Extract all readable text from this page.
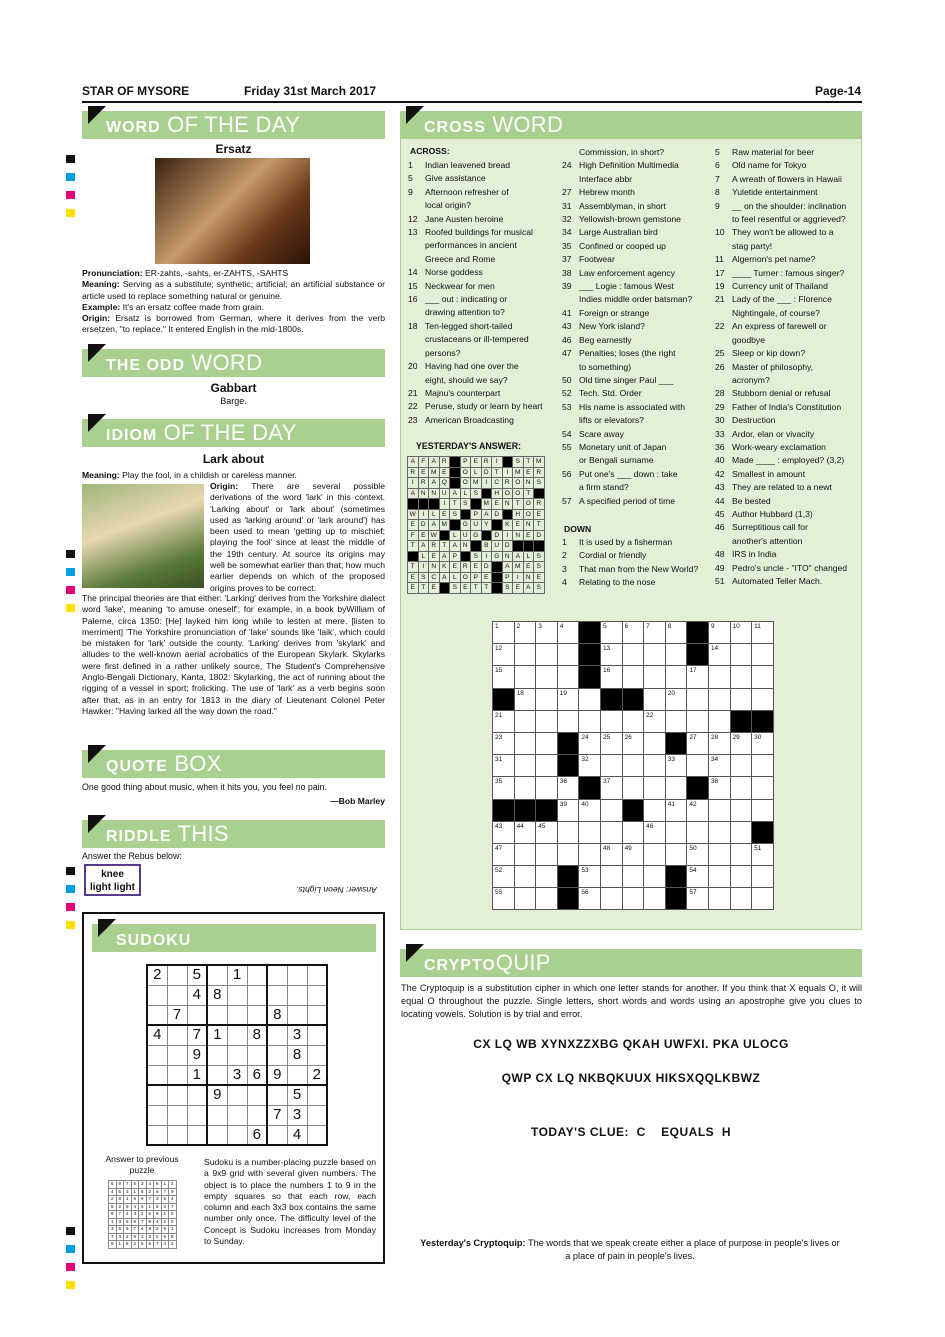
STAR OF MYSORE	Friday 31st March 2017	Page-14

WORD OF THE DAY
Ersatz
Pronunciation: ER-zahts, -sahts, er-ZAHTS, -SAHTS
Meaning: Serving as a substitute; synthetic; artificial; an artificial substance or article used to replace something natural or genuine.
Example: It's an ersatz coffee made from grain.
Origin: Ersatz is borrowed from German, where it derives from the verb ersetzen, "to replace." It entered English in the mid-1800s.
THE ODD WORD
Gabbart
Barge.
IDIOM OF THE DAY
Lark about
Meaning: Play the fool, in a childish or careless manner.
Origin: There are several possible derivations of the word 'lark' in this context. 'Larking about' or 'lark about' (sometimes used as 'larking around' or 'lark around') has been used to mean 'getting up to mischief; playing the fool' since at least the middle of the 19th century. At source its origins may well be somewhat earlier than that; how much earlier depends on which of the proposed origins proves to be correct.
The principal theories are that either: 'Larking' derives from the Yorkshire dialect word 'lake', meaning 'to amuse oneself'; for example, in a book byWilliam of Palerne, circa 1350: [He] layked him long while to lesten at mere. [listen to merriment] 'The Yorkshire pronunciation of 'lake' sounds like 'laik', which could be mistaken for 'lark' outside the county. 'Larking' derives from 'skylark' and alludes to the well-known aerial acrobatics of the European Skylark. Skylarks were first defined in a rather unlikely source, The Student's Comprehensive Anglo-Bengali Dictionary, Kanta, 1802: Skylarking, the act of running about the rigging of a vessel in sport; frolicking. The use of 'lark' as a verb begins soon after that, as in an entry for 1813 in the diary of Lieutenant Colonel Peter Hawker: "Having larked all the way down the road."
QUOTE BOX
One good thing about music, when it hits you, you feel no pain.
—Bob Marley
RIDDLE THIS
Answer the Rebus below:
knee
light light	Answer: Neon Lights.
SUDOKU
2		5		1				
		4	8					
	7					8		
4		7	1		8		3	
		9					8	
		1		3	6	9		2
			9				5	
						7	3	
					6		4	
Answer to previous puzzle
6	9	7	5	3	4	8	1	2
4	5	3	1	8	2	6	7	9
2	8	1	6	9	7	3	5	4
5	2	9	4	5	1	8	3	7
8	7	4	3	2	6	9	1	6
1	3	6	8	7	9	4	2	5
3	6	5	7	4	8	2	9	1
7	4	2	9	1	3	5	6	8
9	1	8	2	5	6	7	4	3
Sudoku is a number-placing puzzle based on a 9x9 grid with several given numbers. The object is to place the numbers 1 to 9 in the empty squares so that each row, each column and each 3x3 box contains the same number only once. The difficulty level of the Concept is Sudoku increases from Monday to Sunday.
CROSS WORD
ACROSS:
1	Indian leavened bread
5	Give assistance
9	Afternoon refresher of
	local origin?
12	Jane Austen heroine
13	Roofed buildings for musical
	performances in ancient
	Greece and Rome
14	Norse goddess
15	Neckwear for men
16	___ out : indicating or
	drawing attention to?
18	Ten-legged short-tailed
	crustaceans or ill-tempered
	persons?
20	Having had one over the
	eight, should we say?
21	Majnu's counterpart
22	Peruse, study or learn by heart
23	American Broadcasting
	Commission, in short?
24	High Definition Multimedia
	Interface abbr
27	Hebrew month
31	Assemblyman, in short
32	Yellowish-brown gemstone
34	Large Australian bird
35	Confined or cooped up
37	Footwear
38	Law enforcement agency
39	___ Logie : famous West
	Indies middle order batsman?
41	Foreign or strange
43	New York island?
46	Beg earnestly
47	Penalties; loses (the right
	to something)
50	Old time singer Paul ___
52	Tech. Std. Order
53	His name is associated with
	lifts or elevators?
54	Scare away
55	Monetary unit of Japan
	or Bengali surname
56	Put one's ___ down : take
	a firm stand?
57	A specified period of time
DOWN
1	It is used by a fisherman
2	Cordial or friendly
3	That man from the New World?
4	Relating to the nose
5	Raw material for beer
6	Old name for Tokyo
7	A wreath of flowers in Hawaii
8	Yuletide entertainment
9	__ on the shoulder: inclination
	to feel resentful or aggrieved?
10	They won't be allowed to a
	stag party!
11	Algernon's pet name?
17	____ Turner : famous singer?
19	Currency unit of Thailand
21	Lady of the ___ : Florence
	Nightingale, of course?
22	An express of farewell or
	goodbye
25	Sleep or kip down?
26	Master of philosophy,
	acronym?
28	Stubborn denial or refusal
29	Father of India's Constitution
30	Destruction
33	Ardor, elan or vivacity
36	Work-weary exclamation
40	Made ____ : employed? (3,2)
42	Smallest in amount
43	They are related to a newt
44	Be bested
45	Author Hubbard (1,3)
46	Surreptitious call for
	another's attention
48	IRS in India
49	Pedro's uncle - "ITO" changed
51	Automated Teller Mach.
YESTERDAY'S ANSWER:
A	F	A	R		P	E	R	I		S	T	M
R	E	M	E		O	L	D	T	I	M	E	R
I	R	A	Q		O	M	I	C	R	O	N	S
A	N	N	U	A	L	S		H	O	O	T	
			I	T	S		M	E	N	T	O	R
W	I	L	E	S		P	A	D		H	O	E
E	D	A	M		G	U	Y		K	E	N	T
F	E	W		L	U	G		D	I	N	E	D
T	A	R	T	A	N		B	U	D			
	L	E	A	P		S	I	G	N	A	L	S
T	I	N	K	E	R	E	D		A	M	E	S
E	S	C	A	L	O	P	E		P	I	N	E
E	T	E		S	E	T	T		S	E	A	S
1	2	3	4		5	6	7	8		9	10	11
12					13					14		
15					16				17			
	18		19					20				
21							22					
23				24	25	26			27	28	29	30
31				32				33		34		
35			36		37					38		
			39	40				41	42			
43	44	45					46					
47					48	49			50			51
52				53					54			
55				56					57			
CRYPTOQUIP
The Cryptoquip is a substitution cipher in which one letter stands for another. If you think that X equals O, it will equal O throughout the puzzle. Single letters, short words and words using an apostrophe give you clues to locating vowels. Solution is by trial and error.
CX LQ WB XYNXZZXBG QKAH UWFXI. PKA ULOCG
QWP CX LQ NKBQKUUX HIKSXQQLKBWZ
TODAY'S CLUE:  C    EQUALS  H
Yesterday's Cryptoquip: The words that we speak create either a place of purpose in people's lives or a place of pain in people's lives.
